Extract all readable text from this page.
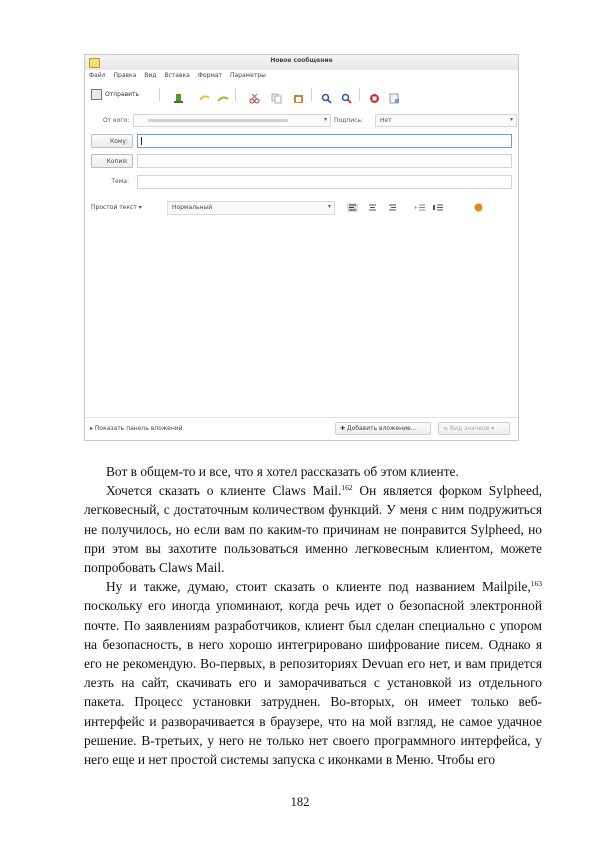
Новое сообщение
Файл Правка Вид Вставка Формат Параметры
Отправить
От кого:	▾ Подпись:	Нет	▾
Кому:
Копия:
Тема:
Простой текст ▾	Нормальный	▾
▸ Показать панель вложений	✚ Добавить вложение…	≡ Вид значков ▾

Вот в общем-то и все, что я хотел рассказать об этом клиенте.

Хочется сказать о клиенте Claws Mail.$^{162}$ Он является форком Sylpheed, легковесный, с достаточным количеством функций. У меня с ним подружиться не получилось, но если вам по каким-то причинам не понравится Sylpheed, но при этом вы захотите пользоваться именно легковесным клиентом, можете попробовать Claws Mail.

Ну и также, думаю, стоит сказать о клиенте под названием Mailpile,$^{163}$ поскольку его иногда упоминают, когда речь идет о безопасной электронной почте. По заявлениям разработчиков, клиент был сделан специально с упором на безопасность, в него хорошо интегрировано шифрование писем. Однако я его не рекомендую. Во-первых, в репозиториях Devuan его нет, и вам придется лезть на сайт, скачивать его и заморачиваться с установкой из отдельного пакета. Процесс установки затруднен. Во-вторых, он имеет только веб-интерфейс и разворачивается в браузере, что на мой взгляд, не самое удачное решение. В-третьих, у него не только нет своего программного интерфейса, у него еще и нет простой системы запуска с иконками в Меню. Чтобы его

182
